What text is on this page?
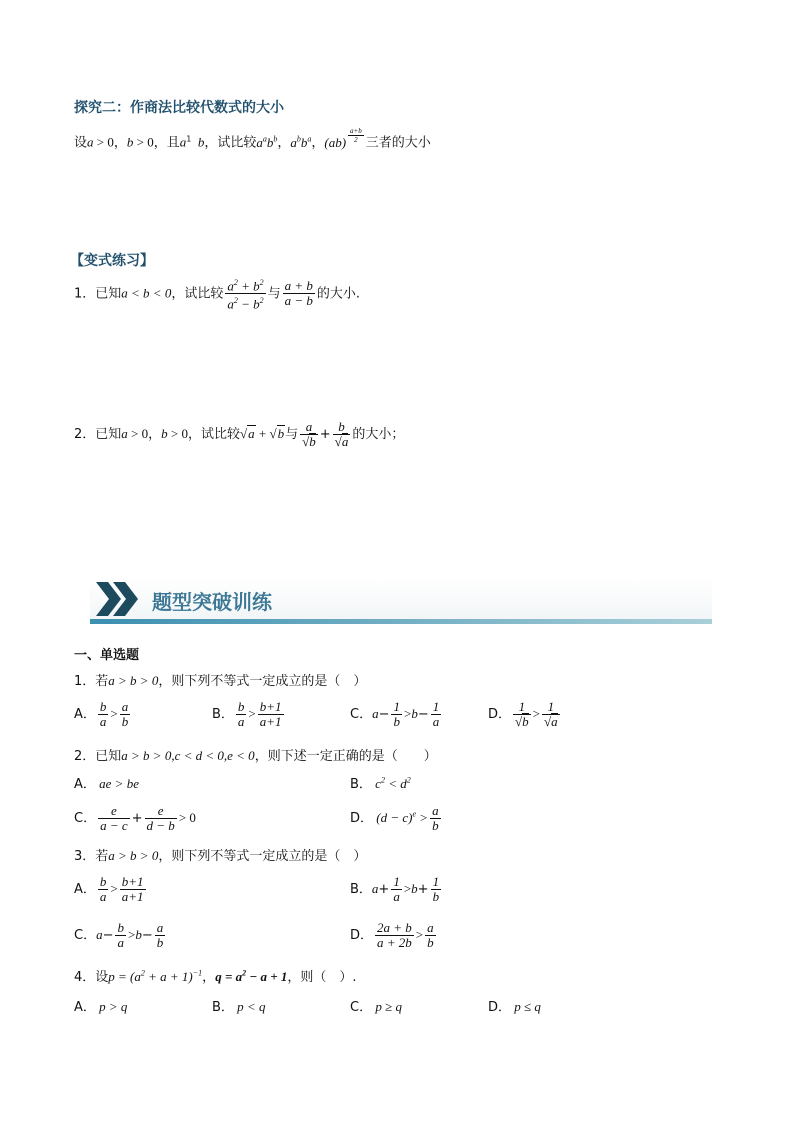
探究二：作商法比较代数式的大小
设a > 0，b > 0，且$a^1$  b，试比较$a^ab^b$，$a^bb^a$，(ab) $^{\frac{a+b}{2}}$ 三者的大小
【变式练习】
1．已知a < b < 0，试比较 $\frac{a^2 + b^2}{a^2 - b^2}$ 与 $\frac{a + b}{a - b}$ 的大小.
2．已知a > 0，b > 0，试比较√a + √b与 $\frac{a}{√b} + \frac{b}{√a}$ 的大小；
题型突破训练
一、单选题
1．若a > b > 0，则下列不等式一定成立的是（　）
A． $\frac{b}{a} > \frac{a}{b}$	B． $\frac{b}{a} > \frac{b+1}{a+1}$	C．$a- \frac{1}{b} >b- \frac{1}{a}$	D． $\frac{1}{√b} > \frac{1}{√a}$
2．已知a > b > 0,c < d < 0,e < 0，则下述一定正确的是（　　）
A． ae > be	B． $c^2 < d^2$
C． $\frac{e}{a - c} + \frac{e}{d - b} > 0$	D． $(d - c)^e > \frac{a}{b}$
3．若a > b > 0，则下列不等式一定成立的是（　）
A． $\frac{b}{a} > \frac{b+1}{a+1}$	B．$a+ \frac{1}{a} >b+ \frac{1}{b}$
C．$a- \frac{b}{a} >b- \frac{a}{b}$	D． $\frac{2a + b}{a + 2b} > \frac{a}{b}$
4．设$p = (a^2 + a + 1)^{-1}$，$q = a^2 - a + 1$，则（　）.
A． p > q	B． p < q	C． p ≥ q	D． p ≤ q
